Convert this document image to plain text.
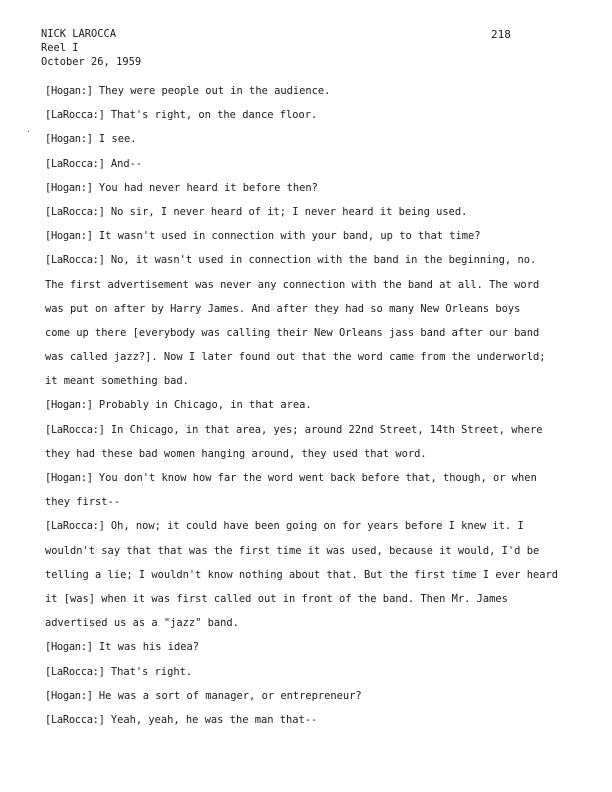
NICK LAROCCA
Reel I
October 26, 1959
218
·
[Hogan:] They were people out in the audience.
[LaRocca:] That's right, on the dance floor.
[Hogan:] I see.
[LaRocca:] And--
[Hogan:] You had never heard it before then?
[LaRocca:] No sir, I never heard of it; I never heard it being used.
[Hogan:] It wasn't used in connection with your band, up to that time?
[LaRocca:] No, it wasn't used in connection with the band in the beginning, no.
The first advertisement was never any connection with the band at all. The word
was put on after by Harry James. And after they had so many New Orleans boys
come up there [everybody was calling their New Orleans jass band after our band
was called jazz?]. Now I later found out that the word came from the underworld;
it meant something bad.
[Hogan:] Probably in Chicago, in that area.
[LaRocca:] In Chicago, in that area, yes; around 22nd Street, 14th Street, where
they had these bad women hanging around, they used that word.
[Hogan:] You don't know how far the word went back before that, though, or when
they first--
[LaRocca:] Oh, now; it could have been going on for years before I knew it. I
wouldn't say that that was the first time it was used, because it would, I'd be
telling a lie; I wouldn't know nothing about that. But the first time I ever heard
it [was] when it was first called out in front of the band. Then Mr. James
advertised us as a "jazz" band.
[Hogan:] It was his idea?
[LaRocca:] That's right.
[Hogan:] He was a sort of manager, or entrepreneur?
[LaRocca:] Yeah, yeah, he was the man that--
